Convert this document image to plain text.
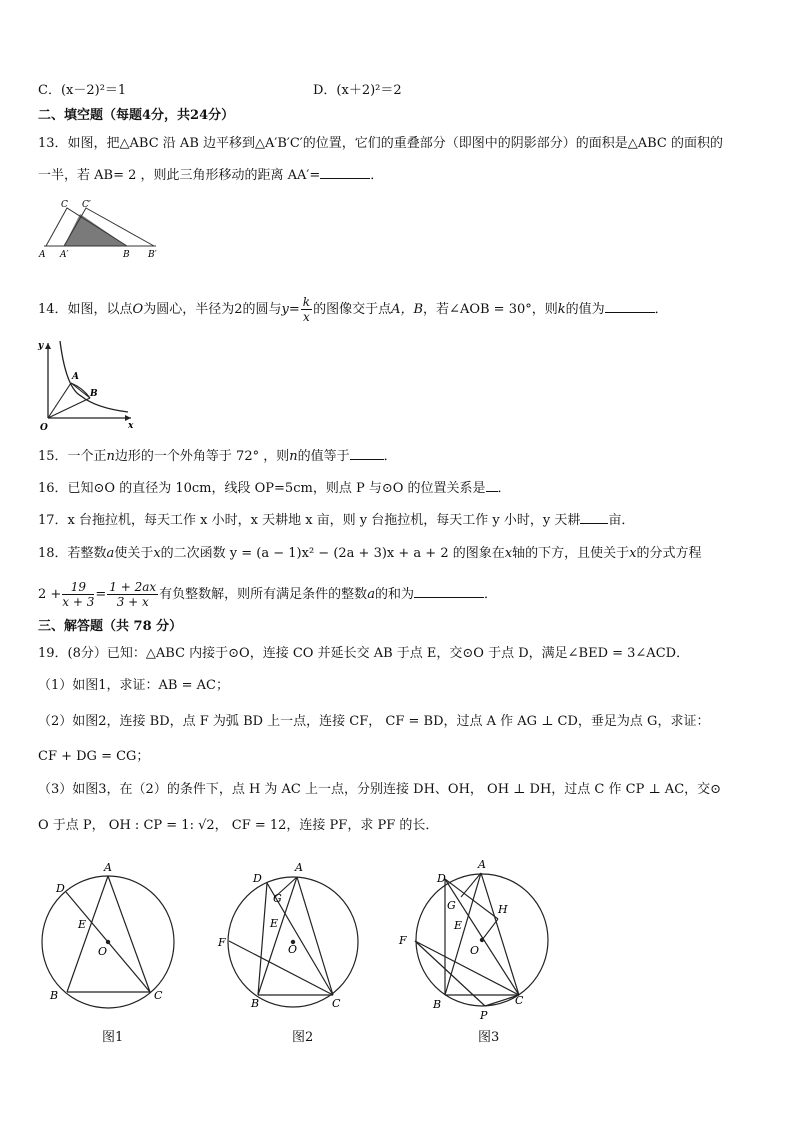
C．(x－2)²＝1	D．(x＋2)²＝2
二、填空题（每题4分，共24分）
13．如图，把△ABC 沿 AB 边平移到△A′B′C′的位置，它们的重叠部分（即图中的阴影部分）的面积是△ABC 的面积的
一半，若 AB= 2 ，则此三角形移动的距离 AA′=	．
A A′	B B′
C C′
14．如图，以点O为圆心，半径为2的圆与$y= \frac{k}{x}$ 的图像交于点A，B，若∠AOB = 30°，则k的值为	．
y
x
O
A
B
15．一个正n边形的一个外角等于 72° ，则n的值等于	．
16．已知⊙O 的直径为 10cm，线段 OP=5cm，则点 P 与⊙O 的位置关系是 ．
17．x 台拖拉机，每天工作 x 小时，x 天耕地 x 亩，则 y 台拖拉机，每天工作 y 小时，y 天耕 亩．
18．若整数a使关于x的二次函数 y = (a − 1)x² − (2a + 3)x + a + 2 的图象在x轴的下方，且使关于x的分式方程
$2 + \frac{19}{x + 3} = \frac{1 + 2ax}{3 + x}$ 有负整数解，则所有满足条件的整数a的和为	．
三、解答题（共 78 分）
19．(8分）已知：△ABC 内接于⊙O，连接 CO 并延长交 AB 于点 E，交⊙O 于点 D，满足∠BED = 3∠ACD．
（1）如图1，求证：AB = AC；
（2）如图2，连接 BD，点 F 为弧 BD 上一点，连接 CF， CF = BD，过点 A 作 AG ⊥ CD，垂足为点 G，求证：
CF + DG = CG；
（3）如图3，在（2）的条件下，点 H 为 AC 上一点，分别连接 DH、OH， OH ⊥ DH，过点 C 作 CP ⊥ AC，交⊙
O 于点 P， OH : CP = 1: √2， CF = 12，连接 PF，求 PF 的长．
A
D
E
O
B	C
图1
A
D
G
E
O
F
B	C
图2
A
D
G	H
E
O
F
B	C
P
图3
